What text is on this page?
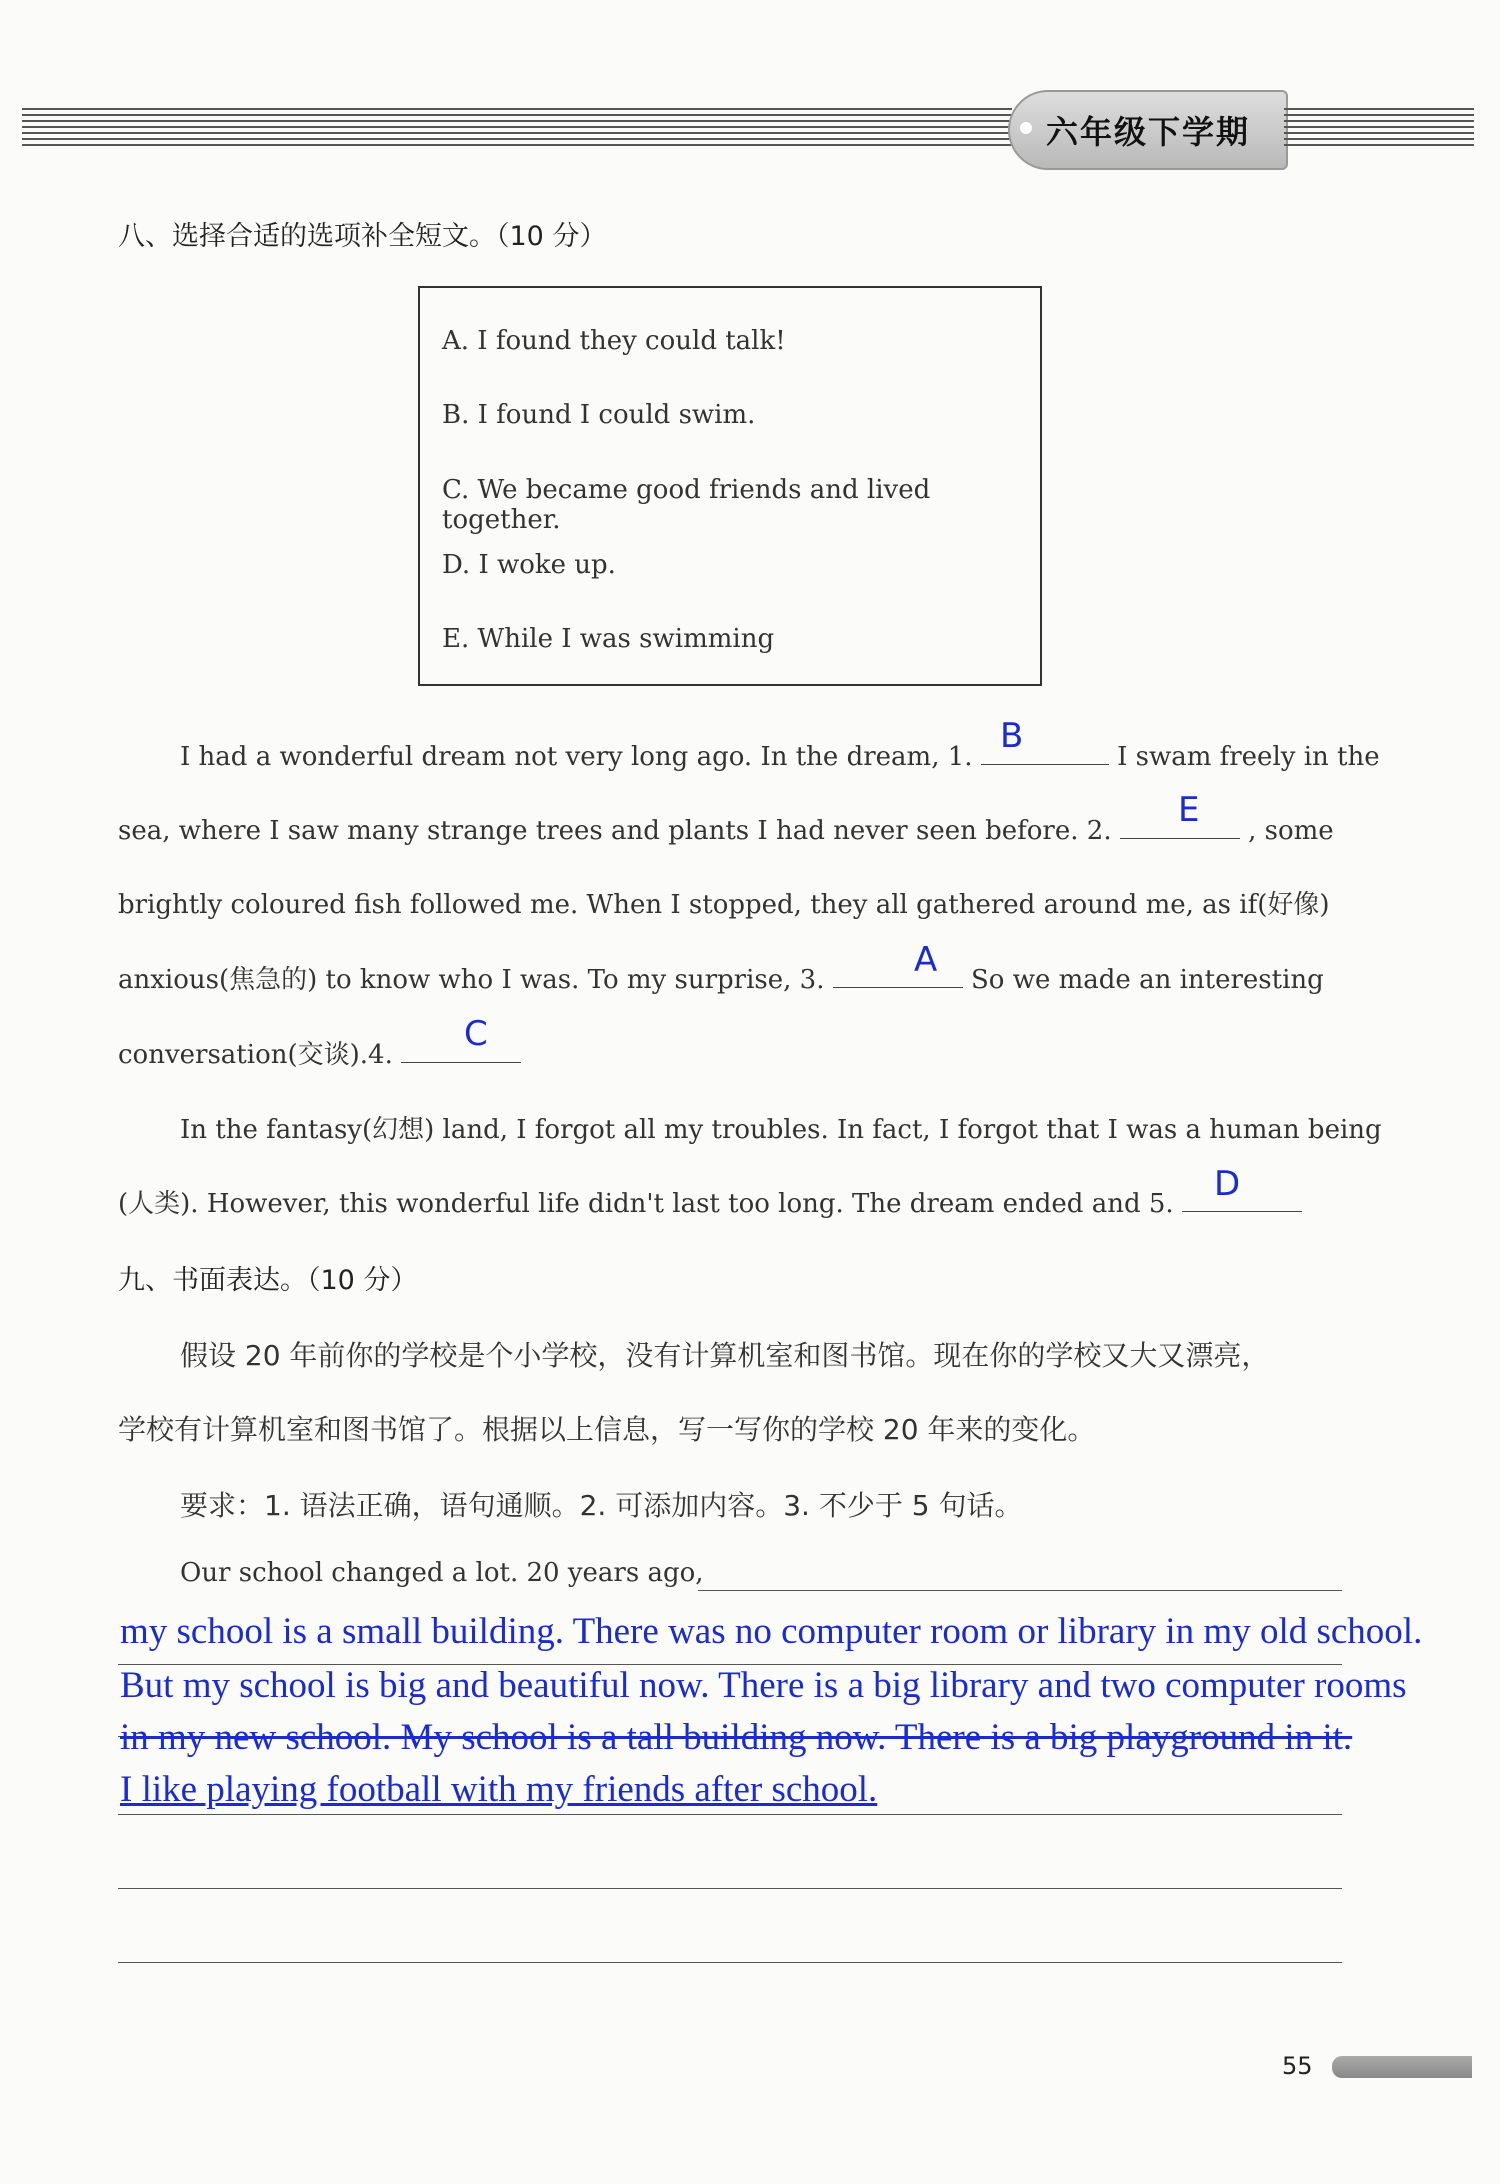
六年级下学期
八、选择合适的选项补全短文。（10 分）
A. I found they could talk!
B. I found I could swim.
C. We became good friends and lived together.
D. I woke up.
E. While I was swimming
I had a wonderful dream not very long ago. In the dream, 1.	I swam freely in the
B
sea, where I saw many strange trees and plants I had never seen before. 2.	, some
E
brightly coloured fish followed me. When I stopped, they all gathered around me, as if(好像)
anxious(焦急的) to know who I was. To my surprise, 3.	So we made an interesting
A
conversation(交谈).4.
C
In the fantasy(幻想) land, I forgot all my troubles. In fact, I forgot that I was a human being
(人类). However, this wonderful life didn't last too long. The dream ended and 5.	D
九、书面表达。（10 分）
假设 20 年前你的学校是个小学校，没有计算机室和图书馆。现在你的学校又大又漂亮，
学校有计算机室和图书馆了。根据以上信息，写一写你的学校 20 年来的变化。
要求：1. 语法正确，语句通顺。2. 可添加内容。3. 不少于 5 句话。
Our school changed a lot. 20 years ago,
my school is a small building. There was no computer room or library in my old school.
But my school is big and beautiful now. There is a big library and two computer rooms
in my new school. My school is a tall building now. There is a big playground in it.
I like playing football with my friends after school.
55
